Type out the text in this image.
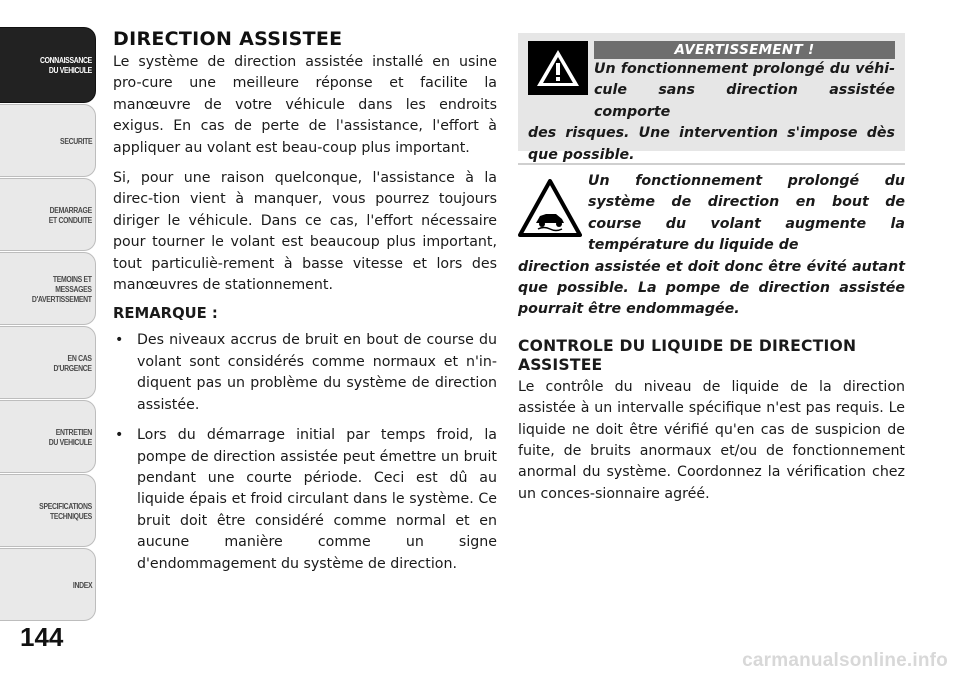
CONNAISSANCE
DU VEHICULE
SECURITE
DEMARRAGE
ET CONDUITE
TEMOINS ET
MESSAGES
D'AVERTISSEMENT
EN CAS
D'URGENCE
ENTRETIEN
DU VEHICULE
SPECIFICATIONS
TECHNIQUES
INDEX
144
DIRECTION ASSISTEE

Le système de direction assistée installé en usine pro-cure une meilleure réponse et facilite la manœuvre de votre véhicule dans les endroits exigus. En cas de perte de l'assistance, l'effort à appliquer au volant est beau-coup plus important.

Si, pour une raison quelconque, l'assistance à la direc-tion vient à manquer, vous pourrez toujours diriger le véhicule. Dans ce cas, l'effort nécessaire pour tourner le volant est beaucoup plus important, tout particuliè-rement à basse vitesse et lors des manœuvres de stationnement.

REMARQUE :
• Des niveaux accrus de bruit en bout de course du volant sont considérés comme normaux et n'in-diquent pas un problème du système de direction assistée.
• Lors du démarrage initial par temps froid, la pompe de direction assistée peut émettre un bruit pendant une courte période. Ceci est dû au liquide épais et froid circulant dans le système. Ce bruit doit être considéré comme normal et en aucune manière comme un signe d'endommagement du système de direction.
AVERTISSEMENT !
Un fonctionnement prolongé du véhi-cule sans direction assistée comporte
des risques. Une intervention s'impose dès que possible.
Un fonctionnement prolongé du système de direction en bout de course du volant augmente la température du liquide de
direction assistée et doit donc être évité autant que possible. La pompe de direction assistée pourrait être endommagée.
CONTROLE DU LIQUIDE DE DIRECTION ASSISTEE

Le contrôle du niveau de liquide de la direction assistée à un intervalle spécifique n'est pas requis. Le liquide ne doit être vérifié qu'en cas de suspicion de fuite, de bruits anormaux et/ou de fonctionnement anormal du système. Coordonnez la vérification chez un conces-sionnaire agréé.

carmanualsonline.info
